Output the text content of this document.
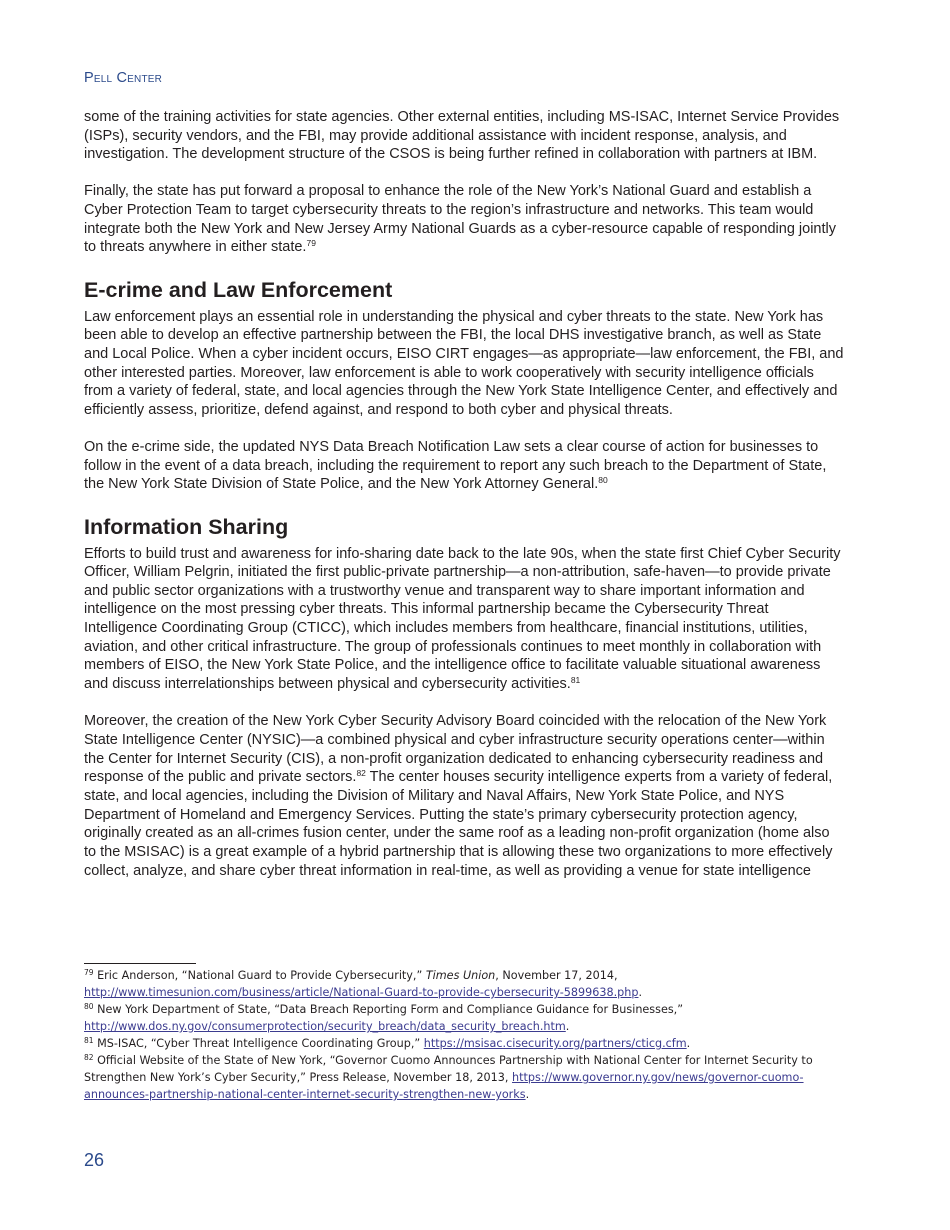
Pell Center

some of the training activities for state agencies. Other external entities, including MS-ISAC, Internet Service Provides (ISPs), security vendors, and the FBI, may provide additional assistance with incident response, analysis, and investigation. The development structure of the CSOS is being further refined in collaboration with partners at IBM.

Finally, the state has put forward a proposal to enhance the role of the New York’s National Guard and establish a Cyber Protection Team to target cybersecurity threats to the region’s infrastructure and networks. This team would integrate both the New York and New Jersey Army National Guards as a cyber-resource capable of responding jointly to threats anywhere in either state.$^{79}$

E-crime and Law Enforcement

Law enforcement plays an essential role in understanding the physical and cyber threats to the state. New York has been able to develop an effective partnership between the FBI, the local DHS investigative branch, as well as State and Local Police. When a cyber incident occurs, EISO CIRT engages—as appropriate—law enforcement, the FBI, and other interested parties. Moreover, law enforcement is able to work cooperatively with security intelligence officials from a variety of federal, state, and local agencies through the New York State Intelligence Center, and effectively and efficiently assess, prioritize, defend against, and respond to both cyber and physical threats.

On the e-crime side, the updated NYS Data Breach Notification Law sets a clear course of action for businesses to follow in the event of a data breach, including the requirement to report any such breach to the Department of State, the New York State Division of State Police, and the New York Attorney General.$^{80}$

Information Sharing

Efforts to build trust and awareness for info-sharing date back to the late 90s, when the state first Chief Cyber Security Officer, William Pelgrin, initiated the first public-private partnership—a non-attribution, safe-haven—to provide private and public sector organizations with a trustworthy venue and transparent way to share important information and intelligence on the most pressing cyber threats. This informal partnership became the Cybersecurity Threat Intelligence Coordinating Group (CTICC), which includes members from healthcare, financial institutions, utilities, aviation, and other critical infrastructure. The group of professionals continues to meet monthly in collaboration with members of EISO, the New York State Police, and the intelligence office to facilitate valuable situational awareness and discuss interrelationships between physical and cybersecurity activities.$^{81}$

Moreover, the creation of the New York Cyber Security Advisory Board coincided with the relocation of the New York State Intelligence Center (NYSIC)—a combined physical and cyber infrastructure security operations center—within the Center for Internet Security (CIS), a non-profit organization dedicated to enhancing cybersecurity readiness and response of the public and private sectors.$^{82}$ The center houses security intelligence experts from a variety of federal, state, and local agencies, including the Division of Military and Naval Affairs, New York State Police, and NYS Department of Homeland and Emergency Services. Putting the state’s primary cybersecurity protection agency, originally created as an all-crimes fusion center, under the same roof as a leading non-profit organization (home also to the MSISAC) is a great example of a hybrid partnership that is allowing these two organizations to more effectively collect, analyze, and share cyber threat information in real-time, as well as providing a venue for state intelligence

$^{79}$ Eric Anderson, “National Guard to Provide Cybersecurity,” Times Union, November 17, 2014, http://www.timesunion.com/business/article/National-Guard-to-provide-cybersecurity-5899638.php.

$^{80}$ New York Department of State, “Data Breach Reporting Form and Compliance Guidance for Businesses,” http://www.dos.ny.gov/consumerprotection/security_breach/data_security_breach.htm.

$^{81}$ MS-ISAC, “Cyber Threat Intelligence Coordinating Group,” https://msisac.cisecurity.org/partners/cticg.cfm.

$^{82}$ Official Website of the State of New York, “Governor Cuomo Announces Partnership with National Center for Internet Security to Strengthen New York’s Cyber Security,” Press Release, November 18, 2013, https://www.governor.ny.gov/news/governor-cuomo-announces-partnership-national-center-internet-security-strengthen-new-yorks.

26
